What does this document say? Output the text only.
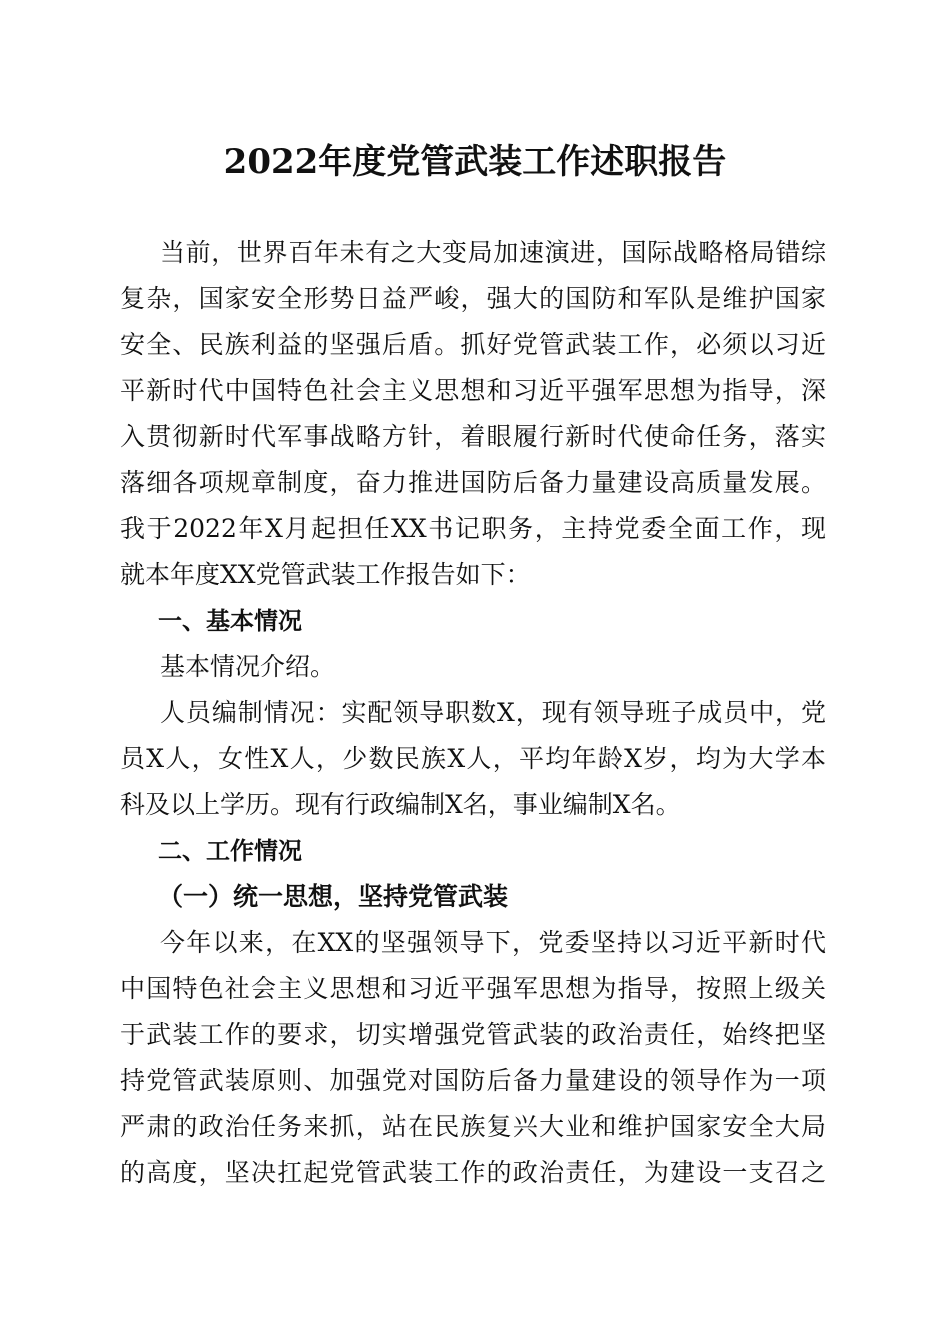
2022年度党管武装工作述职报告
当前，世界百年未有之大变局加速演进，国际战略格局错综
复杂，国家安全形势日益严峻，强大的国防和军队是维护国家
安全、民族利益的坚强后盾。抓好党管武装工作，必须以习近
平新时代中国特色社会主义思想和习近平强军思想为指导，深
入贯彻新时代军事战略方针，着眼履行新时代使命任务，落实
落细各项规章制度，奋力推进国防后备力量建设高质量发展。
我于2022年X月起担任XX书记职务，主持党委全面工作，现
就本年度XX党管武装工作报告如下：
一、基本情况
基本情况介绍。
人员编制情况：实配领导职数X，现有领导班子成员中，党
员X人，女性X人，少数民族X人，平均年龄X岁，均为大学本
科及以上学历。现有行政编制X名，事业编制X名。
二、工作情况
（一）统一思想，坚持党管武装
今年以来，在XX的坚强领导下，党委坚持以习近平新时代
中国特色社会主义思想和习近平强军思想为指导，按照上级关
于武装工作的要求，切实增强党管武装的政治责任，始终把坚
持党管武装原则、加强党对国防后备力量建设的领导作为一项
严肃的政治任务来抓，站在民族复兴大业和维护国家安全大局
的高度，坚决扛起党管武装工作的政治责任，为建设一支召之
